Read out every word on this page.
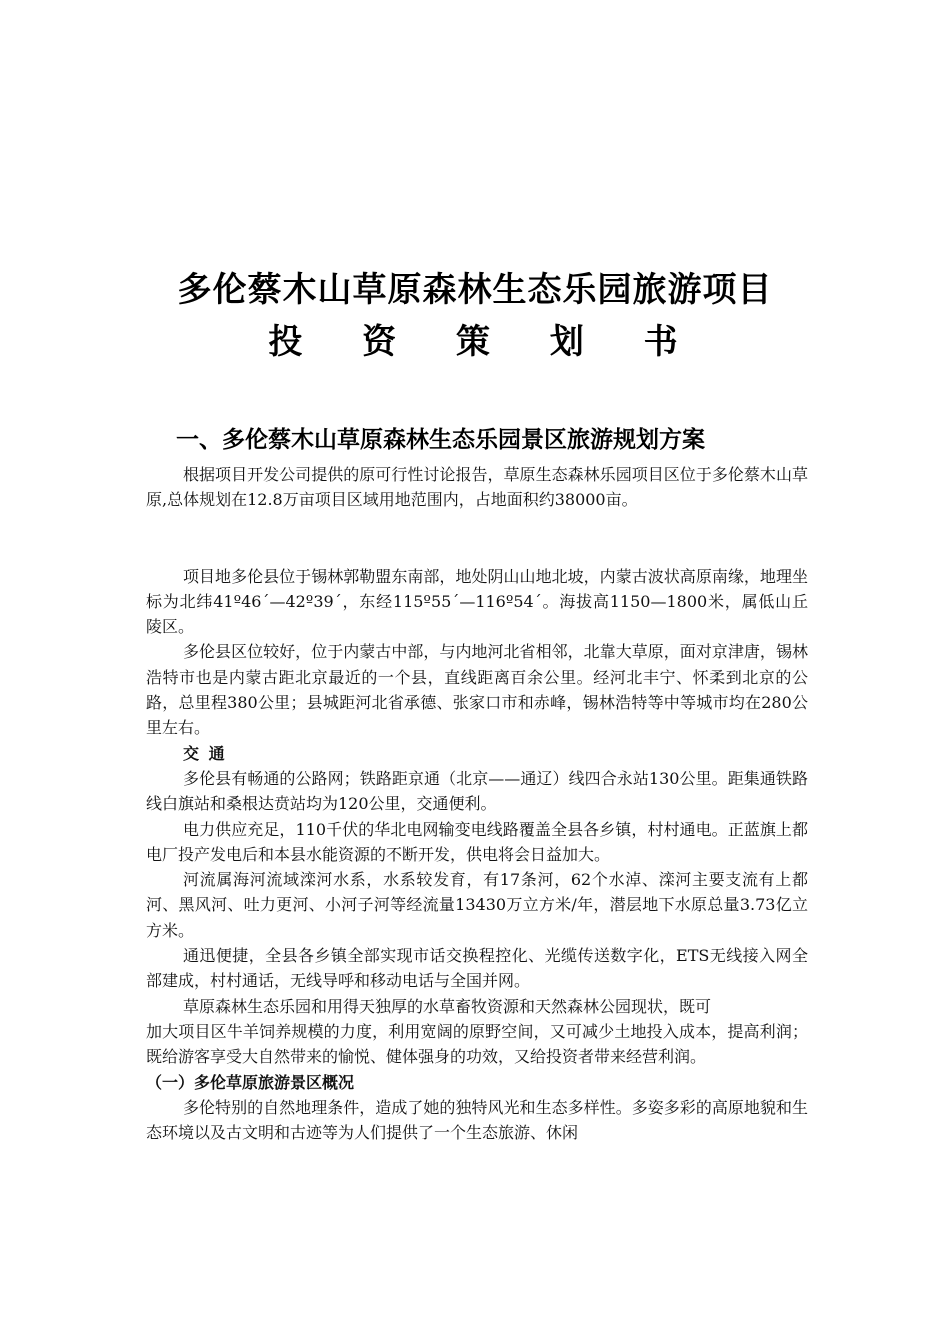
多伦蔡木山草原森林生态乐园旅游项目
投 资 策 划 书
一、多伦蔡木山草原森林生态乐园景区旅游规划方案

根据项目开发公司提供的原可行性讨论报告，草原生态森林乐园项目区位于多伦蔡木山草原,总体规划在12.8万亩项目区域用地范围内，占地面积约38000亩。

项目地多伦县位于锡林郭勒盟东南部，地处阴山山地北坡，内蒙古波状高原南缘，地理坐标为北纬41º46´—42º39´，东经115º55´—116º54´。海拔高1150—1800米，属低山丘陵区。

多伦县区位较好，位于内蒙古中部，与内地河北省相邻，北靠大草原，面对京津唐，锡林浩特市也是内蒙古距北京最近的一个县，直线距离百余公里。经河北丰宁、怀柔到北京的公路，总里程380公里；县城距河北省承德、张家口市和赤峰，锡林浩特等中等城市均在280公里左右。

交 通

多伦县有畅通的公路网；铁路距京通（北京——通辽）线四合永站130公里。距集通铁路线白旗站和桑根达贲站均为120公里，交通便利。

电力供应充足，110千伏的华北电网输变电线路覆盖全县各乡镇，村村通电。正蓝旗上都电厂投产发电后和本县水能资源的不断开发，供电将会日益加大。

河流属海河流域滦河水系，水系较发育，有17条河，62个水淖、滦河主要支流有上都河、黑风河、吐力更河、小河子河等经流量13430万立方米/年，潜层地下水原总量3.73亿立方米。

通迅便捷，全县各乡镇全部实现市话交换程控化、光缆传送数字化，ETS无线接入网全部建成，村村通话，无线导呼和移动电话与全国并网。

草原森林生态乐园和用得天独厚的水草畜牧资源和天然森林公园现状，既可

加大项目区牛羊饲养规模的力度，利用宽阔的原野空间，又可减少土地投入成本，提高利润；既给游客享受大自然带来的愉悦、健体强身的功效，又给投资者带来经营利润。

（一）多伦草原旅游景区概况

多伦特别的自然地理条件，造成了她的独特风光和生态多样性。多姿多彩的高原地貌和生态环境以及古文明和古迹等为人们提供了一个生态旅游、休闲
